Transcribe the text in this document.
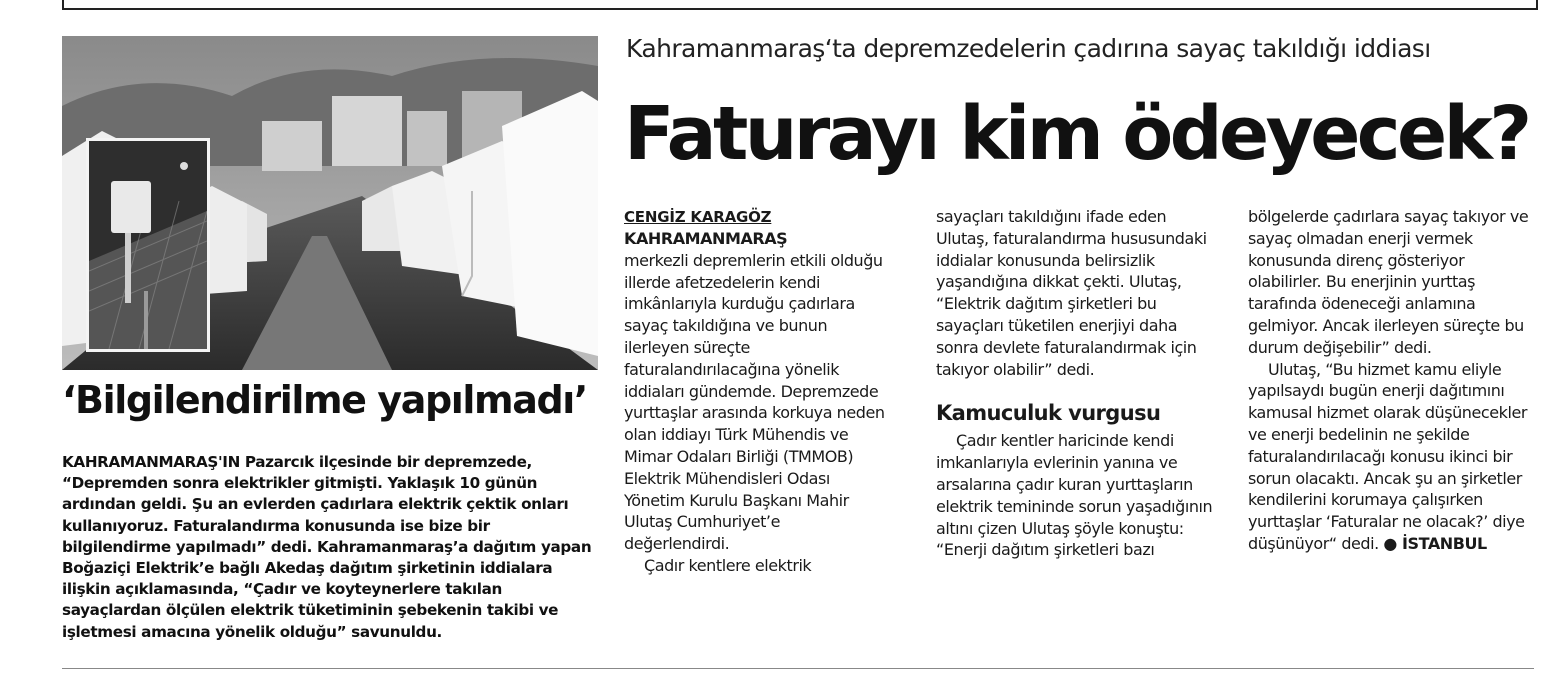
‘Bilgilendirilme yapılmadı’

KAHRAMANMARAŞ'IN Pazarcık ilçesinde bir depremzede, “Depremden sonra elektrikler gitmişti. Yaklaşık 10 günün ardından geldi. Şu an evlerden çadırlara elektrik çektik onları kullanıyoruz. Faturalandırma konusunda ise bize bir bilgilendirme yapılmadı” dedi. Kahramanmaraş’a dağıtım yapan Boğaziçi Elektrik’e bağlı Akedaş dağıtım şirketinin iddialara ilişkin açıklamasında, “Çadır ve koyteynerlere takılan sayaçlardan ölçülen elektrik tüketiminin şebekenin takibi ve işletmesi amacına yönelik olduğu” savunuldu.

Kahramanmaraş‘ta depremzedelerin çadırına sayaç takıldığı iddiası
Faturayı kim ödeyecek?

CENGİZ KARAGÖZ

KAHRAMANMARAŞ

merkezli depremlerin etkili olduğu illerde afetzedelerin kendi imkânlarıyla kurduğu çadırlara sayaç takıldığına ve bunun ilerleyen süreçte faturalandırılacağına yönelik iddiaları gündemde. Depremzede yurttaşlar arasında korkuya neden olan iddiayı Türk Mühendis ve Mimar Odaları Birliği (TMMOB) Elektrik Mühendisleri Odası Yönetim Kurulu Başkanı Mahir Ulutaş Cumhuriyet’e değerlendirdi.

Çadır kentlere elektrik

sayaçları takıldığını ifade eden Ulutaş, faturalandırma hususundaki iddialar konusunda belirsizlik yaşandığına dikkat çekti. Ulutaş, “Elektrik dağıtım şirketleri bu sayaçları tüketilen enerjiyi daha sonra devlete faturalandırmak için takıyor olabilir” dedi.

Kamuculuk vurgusu

Çadır kentler haricinde kendi imkanlarıyla evlerinin yanına ve arsalarına çadır kuran yurttaşların elektrik temininde sorun yaşadığının altını çizen Ulutaş şöyle konuştu: “Enerji dağıtım şirketleri bazı

bölgelerde çadırlara sayaç takıyor ve sayaç olmadan enerji vermek konusunda direnç gösteriyor olabilirler. Bu enerjinin yurttaş tarafında ödeneceği anlamına gelmiyor. Ancak ilerleyen süreçte bu durum değişebilir” dedi.

Ulutaş, “Bu hizmet kamu eliyle yapılsaydı bugün enerji dağıtımını kamusal hizmet olarak düşünecekler ve enerji bedelinin ne şekilde faturalandırılacağı konusu ikinci bir sorun olacaktı. Ancak şu an şirketler kendilerini korumaya çalışırken yurttaşlar ‘Faturalar ne olacak?’ diye düşünüyor“ dedi. ● İSTANBUL
